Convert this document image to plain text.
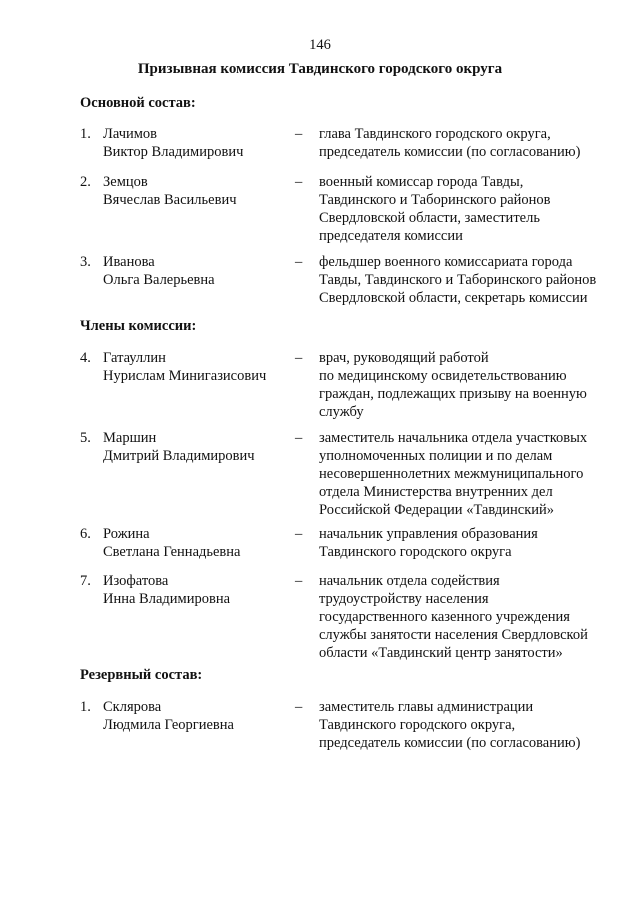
146
Призывная комиссия Тавдинского городского округа
Основной состав:
1. Лачимов
Виктор Владимирович
– глава Тавдинского городского округа,
председатель комиссии (по согласованию)
2. Земцов
Вячеслав Васильевич
– военный комиссар города Тавды,
Тавдинского и Таборинского районов
Свердловской области, заместитель
председателя комиссии
3. Иванова
Ольга Валерьевна
– фельдшер военного комиссариата города
Тавды, Тавдинского и Таборинского районов
Свердловской области, секретарь комиссии
Члены комиссии:
4. Гатауллин
Нурислам Минигазисович
– врач, руководящий работой
по медицинскому освидетельствованию
граждан, подлежащих призыву на военную
службу
5. Маршин
Дмитрий Владимирович
– заместитель начальника отдела участковых
уполномоченных полиции и по делам
несовершеннолетних межмуниципального
отдела Министерства внутренних дел
Российской Федерации «Тавдинский»
6. Рожина
Светлана Геннадьевна
– начальник управления образования
Тавдинского городского округа
7. Изофатова
Инна Владимировна
– начальник отдела содействия
трудоустройству населения
государственного казенного учреждения
службы занятости населения Свердловской
области «Тавдинский центр занятости»
Резервный состав:
1. Склярова
Людмила Георгиевна
– заместитель главы администрации
Тавдинского городского округа,
председатель комиссии (по согласованию)
